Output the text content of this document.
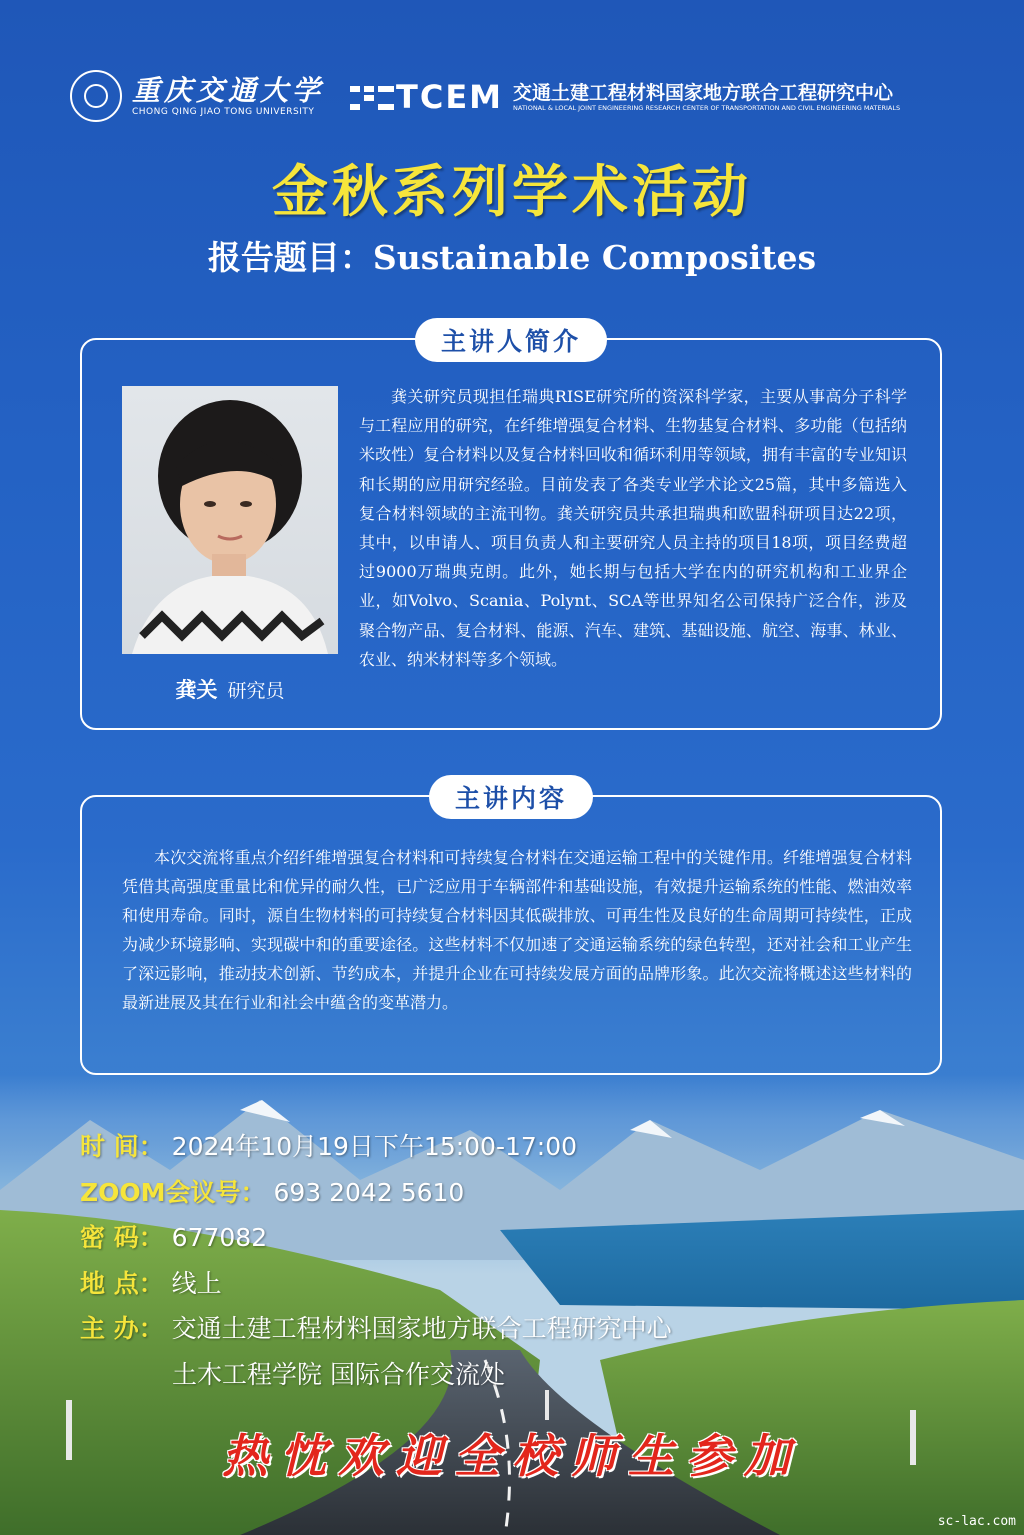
重庆交通大学
CHONG QING JIAO TONG UNIVERSITY	TCEM 交通土建工程材料国家地方联合工程研究中心
NATIONAL & LOCAL JOINT ENGINEERING RESEARCH CENTER OF TRANSPORTATION AND CIVIL ENGINEERING MATERIALS
金秋系列学术活动
报告题目：Sustainable Composites
主讲人简介
龚关 研究员

龚关研究员现担任瑞典RISE研究所的资深科学家，主要从事高分子科学与工程应用的研究，在纤维增强复合材料、生物基复合材料、多功能（包括纳米改性）复合材料以及复合材料回收和循环利用等领域，拥有丰富的专业知识和长期的应用研究经验。目前发表了各类专业学术论文25篇，其中多篇选入复合材料领域的主流刊物。龚关研究员共承担瑞典和欧盟科研项目达22项，其中，以申请人、项目负责人和主要研究人员主持的项目18项，项目经费超过9000万瑞典克朗。此外，她长期与包括大学在内的研究机构和工业界企业，如Volvo、Scania、Polynt、SCA等世界知名公司保持广泛合作，涉及聚合物产品、复合材料、能源、汽车、建筑、基础设施、航空、海事、林业、农业、纳米材料等多个领域。

主讲内容

本次交流将重点介绍纤维增强复合材料和可持续复合材料在交通运输工程中的关键作用。纤维增强复合材料凭借其高强度重量比和优异的耐久性，已广泛应用于车辆部件和基础设施，有效提升运输系统的性能、燃油效率和使用寿命。同时，源自生物材料的可持续复合材料因其低碳排放、可再生性及良好的生命周期可持续性，正成为减少环境影响、实现碳中和的重要途径。这些材料不仅加速了交通运输系统的绿色转型，还对社会和工业产生了深远影响，推动技术创新、节约成本，并提升企业在可持续发展方面的品牌形象。此次交流将概述这些材料的最新进展及其在行业和社会中蕴含的变革潜力。

时 间： 2024年10月19日下午15:00-17:00
ZOOM会议号： 693 2042 5610
密 码： 677082
地 点： 线上
主 办： 交通土建工程材料国家地方联合工程研究中心
土木工程学院 国际合作交流处
热忱欢迎全校师生参加
sc-lac.com
